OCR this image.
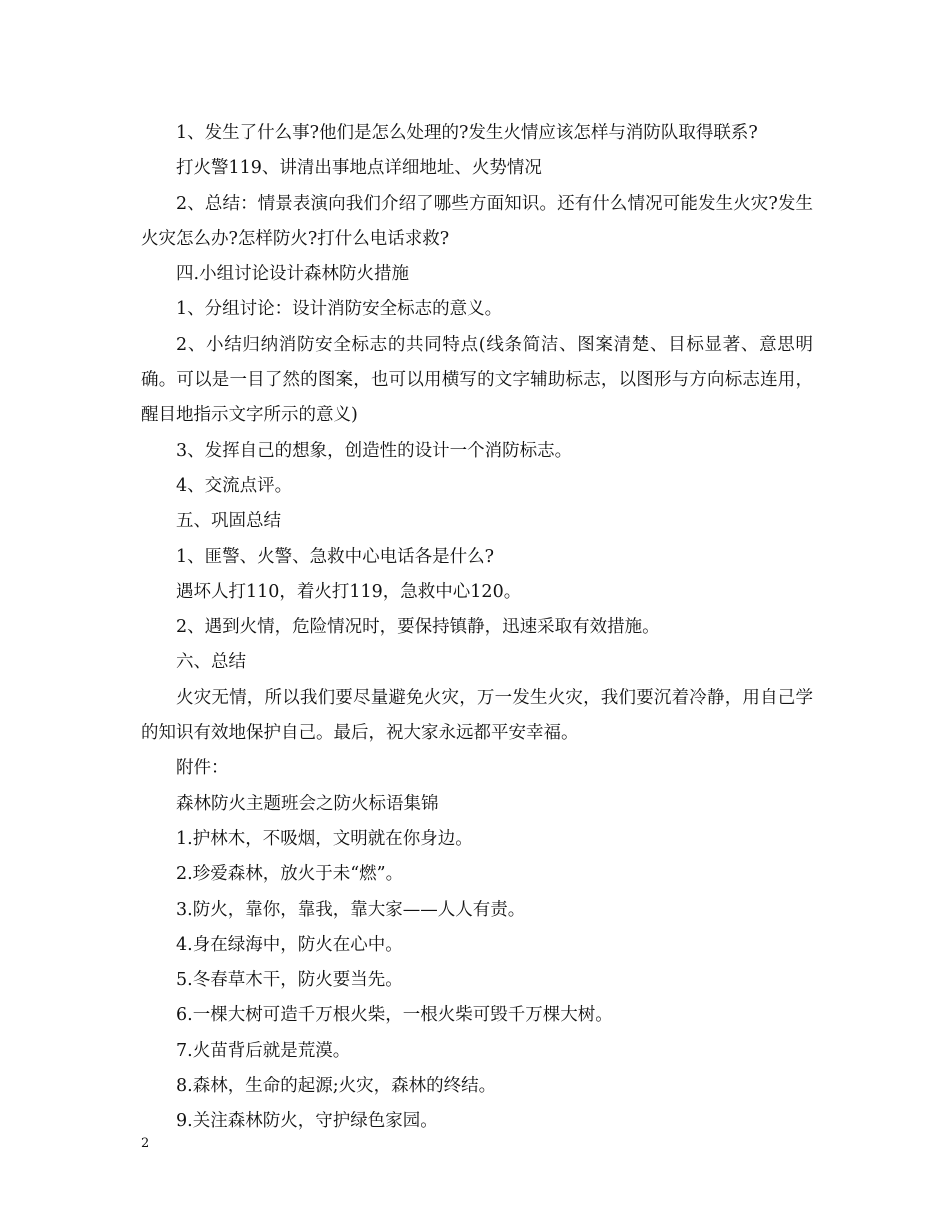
1、发生了什么事?他们是怎么处理的?发生火情应该怎样与消防队取得联系?

打火警119、讲清出事地点详细地址、火势情况

2、总结：情景表演向我们介绍了哪些方面知识。还有什么情况可能发生火灾?发生火灾怎么办?怎样防火?打什么电话求救?

四.小组讨论设计森林防火措施

1、分组讨论：设计消防安全标志的意义。

2、小结归纳消防安全标志的共同特点(线条简洁、图案清楚、目标显著、意思明确。可以是一目了然的图案，也可以用横写的文字辅助标志，以图形与方向标志连用，醒目地指示文字所示的意义)

3、发挥自己的想象，创造性的设计一个消防标志。

4、交流点评。

五、巩固总结

1、匪警、火警、急救中心电话各是什么?

遇坏人打110，着火打119，急救中心120。

2、遇到火情，危险情况时，要保持镇静，迅速采取有效措施。

六、总结

火灾无情，所以我们要尽量避免火灾，万一发生火灾，我们要沉着冷静，用自己学的知识有效地保护自己。最后，祝大家永远都平安幸福。

附件：

森林防火主题班会之防火标语集锦

1.护林木，不吸烟，文明就在你身边。

2.珍爱森林，放火于未“燃”。

3.防火，靠你，靠我，靠大家——人人有责。

4.身在绿海中，防火在心中。

5.冬春草木干，防火要当先。

6.一棵大树可造千万根火柴，一根火柴可毁千万棵大树。

7.火苗背后就是荒漠。

8.森林，生命的起源;火灾，森林的终结。

9.关注森林防火，守护绿色家园。

2
